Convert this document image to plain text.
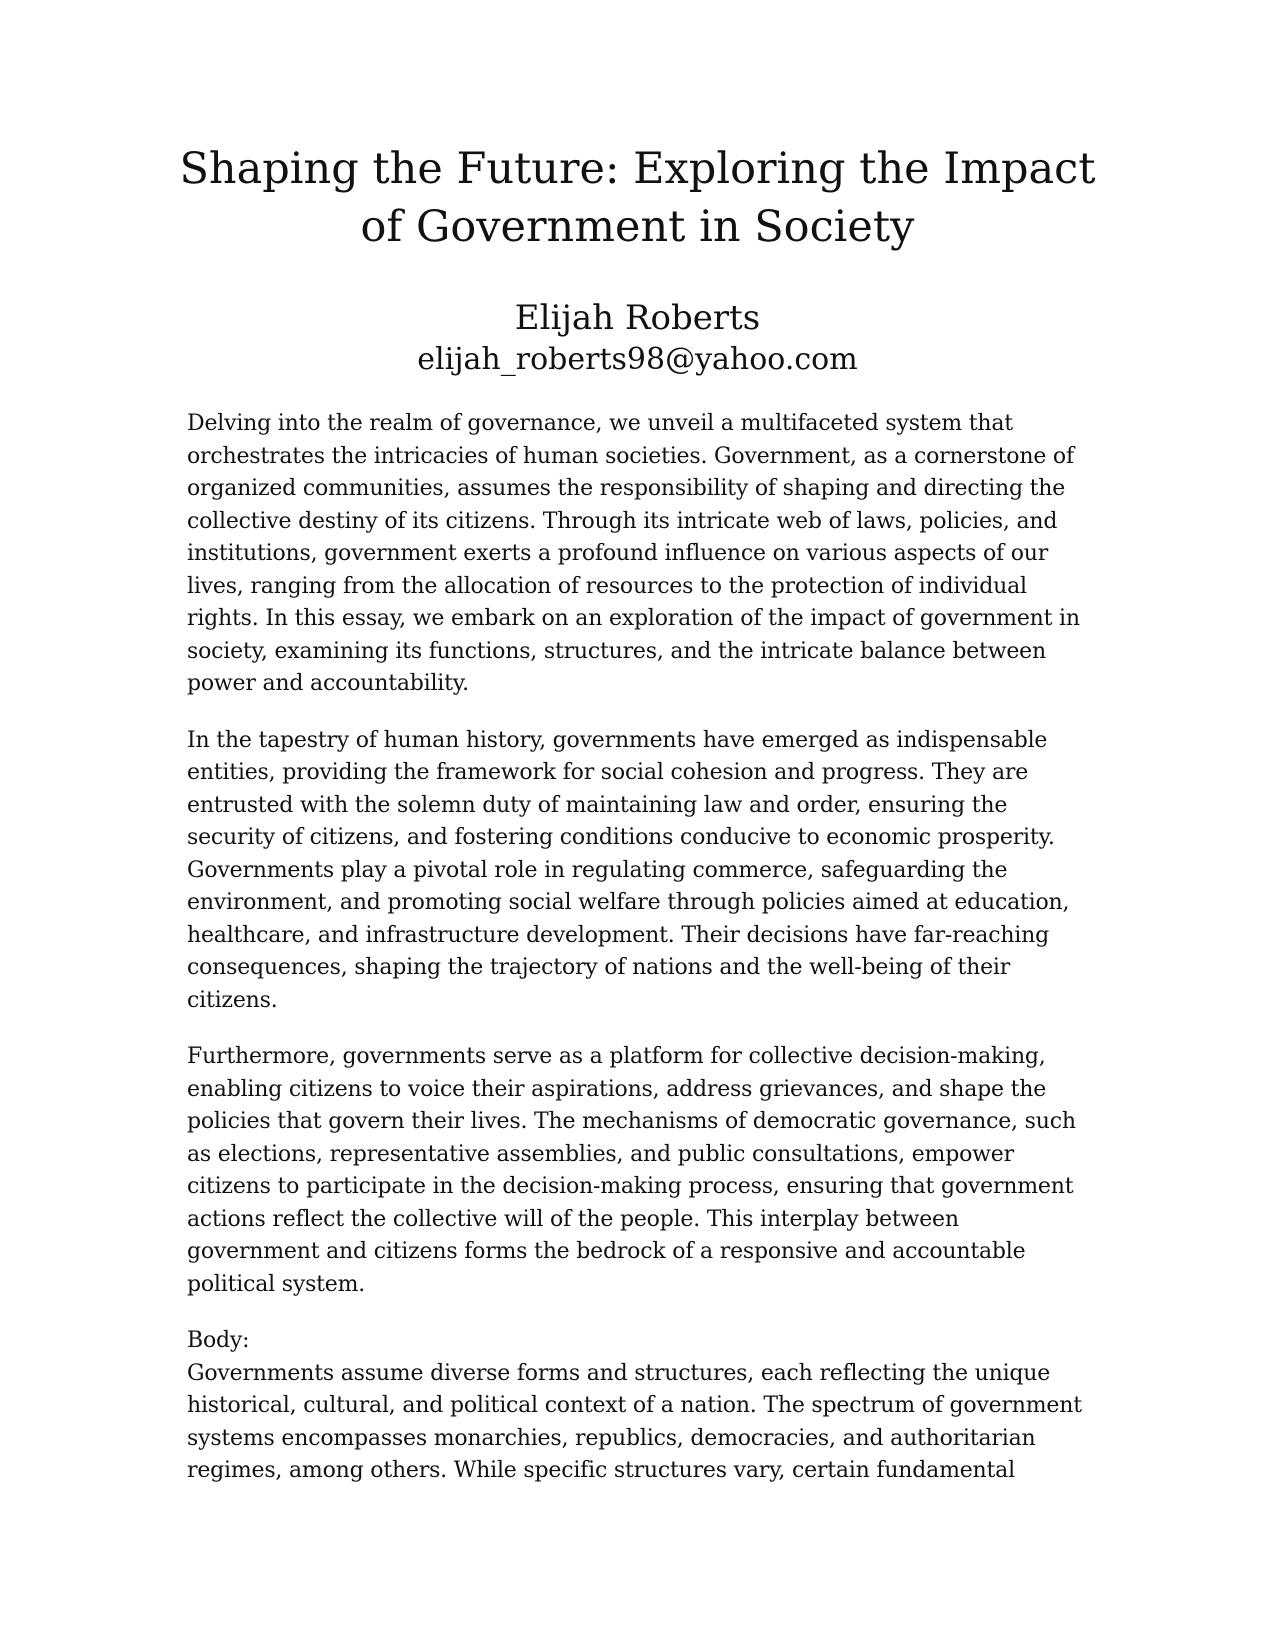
Shaping the Future: Exploring the Impact of Government in Society
Elijah Roberts
elijah_roberts98@yahoo.com

Delving into the realm of governance, we unveil a multifaceted system that orchestrates the intricacies of human societies. Government, as a cornerstone of organized communities, assumes the responsibility of shaping and directing the collective destiny of its citizens. Through its intricate web of laws, policies, and institutions, government exerts a profound influence on various aspects of our lives, ranging from the allocation of resources to the protection of individual rights. In this essay, we embark on an exploration of the impact of government in society, examining its functions, structures, and the intricate balance between power and accountability.

In the tapestry of human history, governments have emerged as indispensable entities, providing the framework for social cohesion and progress. They are entrusted with the solemn duty of maintaining law and order, ensuring the security of citizens, and fostering conditions conducive to economic prosperity. Governments play a pivotal role in regulating commerce, safeguarding the environment, and promoting social welfare through policies aimed at education, healthcare, and infrastructure development. Their decisions have far-reaching consequences, shaping the trajectory of nations and the well-being of their citizens.

Furthermore, governments serve as a platform for collective decision-making, enabling citizens to voice their aspirations, address grievances, and shape the policies that govern their lives. The mechanisms of democratic governance, such as elections, representative assemblies, and public consultations, empower citizens to participate in the decision-making process, ensuring that government actions reflect the collective will of the people. This interplay between government and citizens forms the bedrock of a responsive and accountable political system.

Body:

Governments assume diverse forms and structures, each reflecting the unique historical, cultural, and political context of a nation. The spectrum of government systems encompasses monarchies, republics, democracies, and authoritarian regimes, among others. While specific structures vary, certain fundamental
